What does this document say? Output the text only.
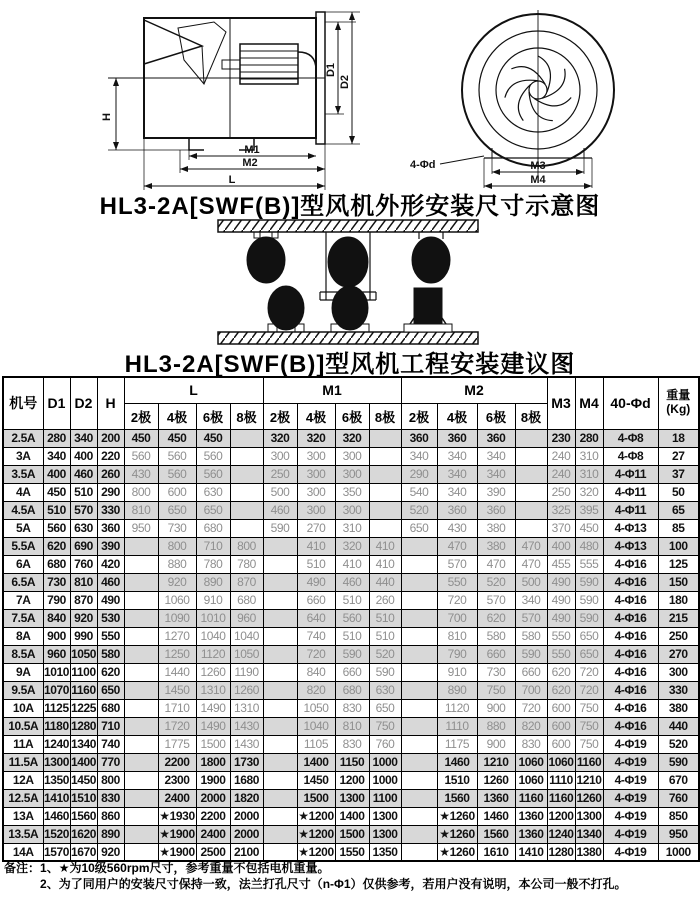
H
D1
D2
M1
M2
L
4-Φd	M3
M4
HL3-2A[SWF(B)]型风机外形安装尺寸示意图
HL3-2A[SWF(B)]型风机工程安装建议图
机号	D1	D2	H	L				M1				M2				M3	M4	40-Φd	重量
(Kg)
				2极	4极	6极	8极	2极	4极	6极	8极	2极	4极	6极	8极				
2.5A	280	340	200	450	450	450		320	320	320		360	360	360		230	280	4-Φ8	18
3A	340	400	220	560	560	560		300	300	300		340	340	340		240	310	4-Φ8	27
3.5A	400	460	260	430	560	560		250	300	300		290	340	340		240	310	4-Φ11	37
4A	450	510	290	800	600	630		500	300	350		540	340	390		250	320	4-Φ11	50
4.5A	510	570	330	810	650	650		460	300	300		520	360	360		325	395	4-Φ11	65
5A	560	630	360	950	730	680		590	270	310		650	430	380		370	450	4-Φ13	85
5.5A	620	690	390		800	710	800		410	320	410		470	380	470	400	480	4-Φ13	100
6A	680	760	420		880	780	780		510	410	410		570	470	470	455	555	4-Φ16	125
6.5A	730	810	460		920	890	870		490	460	440		550	520	500	490	590	4-Φ16	150
7A	790	870	490		1060	910	680		660	510	260		720	570	340	490	590	4-Φ16	180
7.5A	840	920	530		1090	1010	960		640	560	510		700	620	570	490	590	4-Φ16	215
8A	900	990	550		1270	1040	1040		740	510	510		810	580	580	550	650	4-Φ16	250
8.5A	960	1050	580		1250	1120	1050		720	590	520		790	660	590	550	650	4-Φ16	270
9A	1010	1100	620		1440	1260	1190		840	660	590		910	730	660	620	720	4-Φ16	300
9.5A	1070	1160	650		1450	1310	1260		820	680	630		890	750	700	620	720	4-Φ16	330
10A	1125	1225	680		1710	1490	1310		1050	830	650		1120	900	720	600	750	4-Φ16	380
10.5A	1180	1280	710		1720	1490	1430		1040	810	750		1110	880	820	600	750	4-Φ16	440
11A	1240	1340	740		1775	1500	1430		1105	830	760		1175	900	830	600	750	4-Φ19	520
11.5A	1300	1400	770		2200	1800	1730		1400	1150	1000		1460	1210	1060	1060	1160	4-Φ19	590
12A	1350	1450	800		2300	1900	1680		1450	1200	1000		1510	1260	1060	1110	1210	4-Φ19	670
12.5A	1410	1510	830		2400	2000	1820		1500	1300	1100		1560	1360	1160	1160	1260	4-Φ19	760
13A	1460	1560	860		★1930	2200	2000		★1200	1400	1300		★1260	1460	1360	1200	1300	4-Φ19	850
13.5A	1520	1620	890		★1900	2400	2000		★1200	1500	1300		★1260	1560	1360	1240	1340	4-Φ19	950
14A	1570	1670	920		★1900	2500	2100		★1200	1550	1350		★1260	1610	1410	1280	1380	4-Φ19	1000
备注： 1、★为10级560rpm尺寸，参考重量不包括电机重量。
2、为了同用户的安装尺寸保持一致，法兰打孔尺寸（n-Φ1）仅供参考，若用户没有说明，本公司一般不打孔。
